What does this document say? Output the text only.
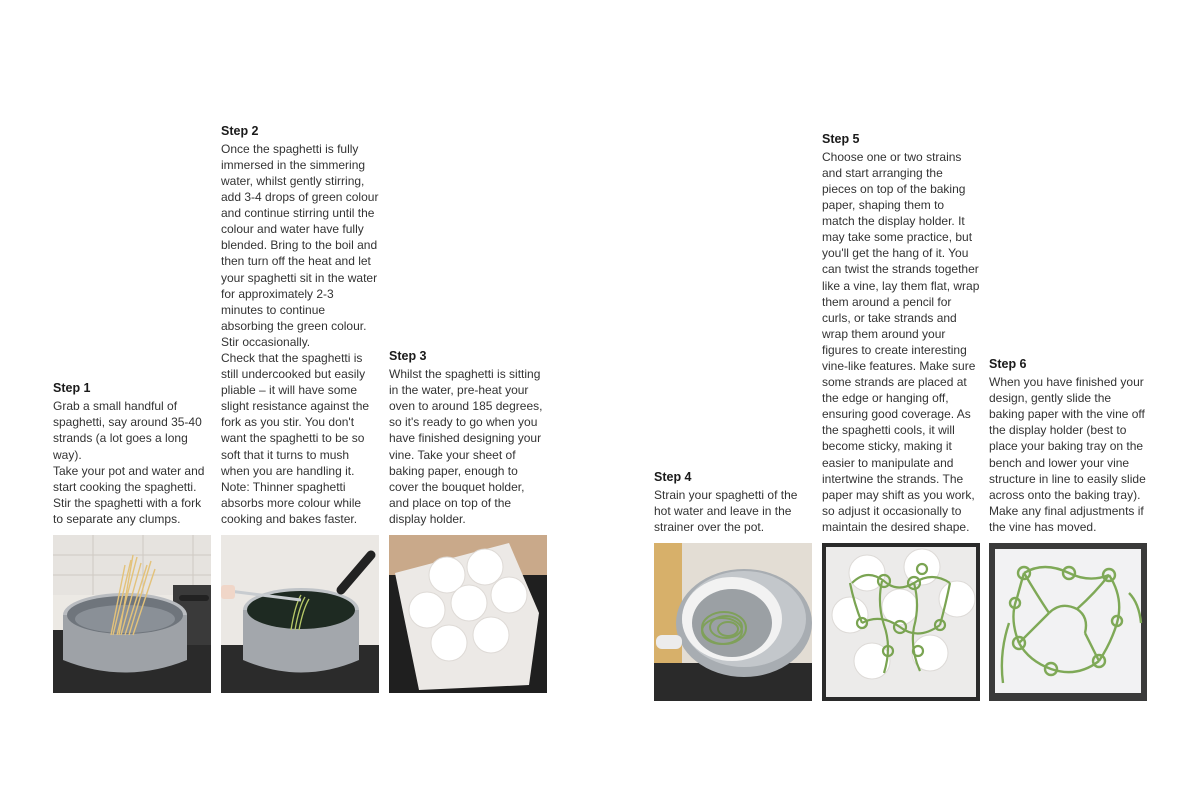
Step 1

Grab a small handful of spaghetti, say around 35-40 strands (a lot goes a long way).
Take your pot and water and start cooking the spaghetti. Stir the spaghetti with a fork to separate any clumps.

Step 2

Once the spaghetti is fully immersed in the simmering water, whilst gently stirring, add 3-4 drops of green colour and continue stirring until the colour and water have fully blended. Bring to the boil and then turn off the heat and let your spaghetti sit in the water for approximately 2-3 minutes to continue absorbing the green colour. Stir occasionally.
Check that the spaghetti is still undercooked but easily pliable – it will have some slight resistance against the fork as you stir. You don't want the spaghetti to be so soft that it turns to mush when you are handling it.
Note: Thinner spaghetti absorbs more colour while cooking and bakes faster.

Step 3

Whilst the spaghetti is sitting in the water, pre-heat your oven to around 185 degrees, so it's ready to go when you have finished designing your vine. Take your sheet of baking paper, enough to cover the bouquet holder, and place on top of the display holder.

Step 4

Strain your spaghetti of the hot water and leave in the strainer over the pot.

Step 5

Choose one or two strains and start arranging the pieces on top of the baking paper, shaping them to match the display holder. It may take some practice, but you'll get the hang of it. You can twist the strands together like a vine, lay them flat, wrap them around a pencil for curls, or take strands and wrap them around your figures to create interesting vine-like features. Make sure some strands are placed at the edge or hanging off, ensuring good coverage. As the spaghetti cools, it will become sticky, making it easier to manipulate and intertwine the strands. The paper may shift as you work, so adjust it occasionally to maintain the desired shape.

Step 6

When you have finished your design, gently slide the baking paper with the vine off the display holder (best to place your baking tray on the bench and lower your vine structure in line to easily slide across onto the baking tray). Make any final adjustments if the vine has moved.
